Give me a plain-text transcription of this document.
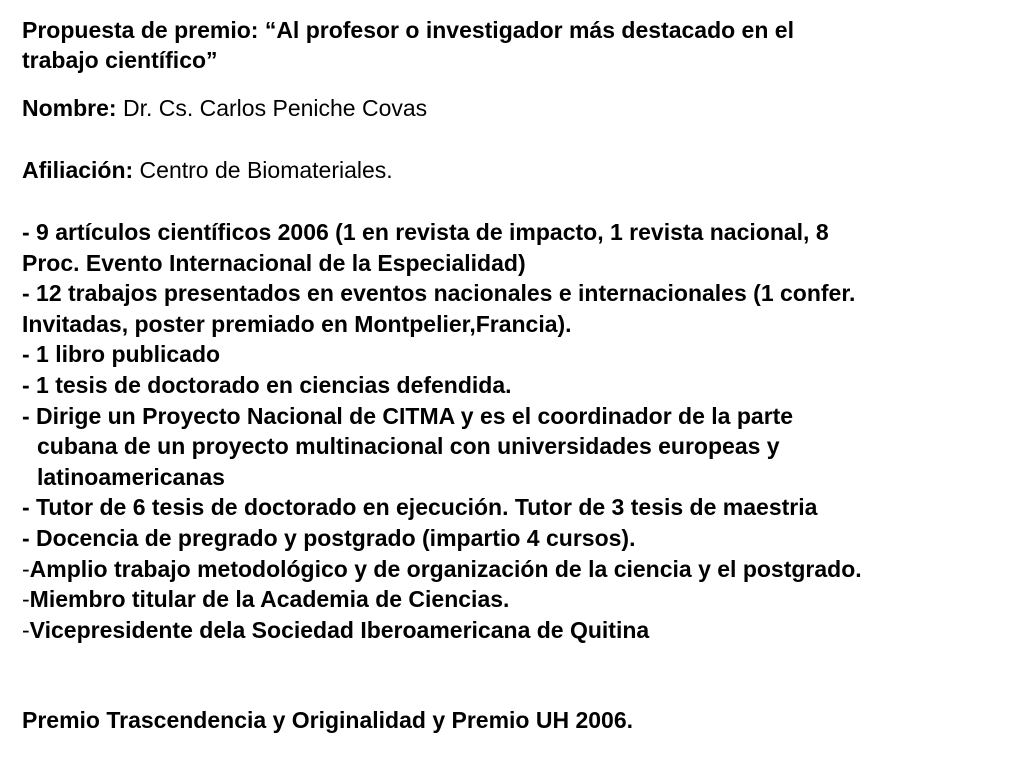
Propuesta de premio: “Al profesor o investigador más destacado en el
trabajo científico”

Nombre: Dr. Cs. Carlos Peniche Covas

Afiliación: Centro de Biomateriales.

- 9 artículos científicos 2006 (1 en revista de impacto, 1 revista nacional, 8
Proc. Evento Internacional de la Especialidad)
- 12 trabajos presentados en eventos nacionales e internacionales (1 confer.
Invitadas, poster premiado en Montpelier,Francia).
- 1 libro publicado
- 1 tesis de doctorado en ciencias defendida.
- Dirige un Proyecto Nacional de CITMA y es el coordinador de la parte
cubana de un proyecto multinacional con universidades europeas y
latinoamericanas
- Tutor de 6 tesis de doctorado en ejecución. Tutor de 3 tesis de maestria
- Docencia de pregrado y postgrado (impartio 4 cursos).
-Amplio trabajo metodológico y de organización de la ciencia y el postgrado.
-Miembro titular de la Academia de Ciencias.
-Vicepresidente dela Sociedad Iberoamericana de Quitina

Premio Trascendencia y Originalidad y Premio UH 2006.
